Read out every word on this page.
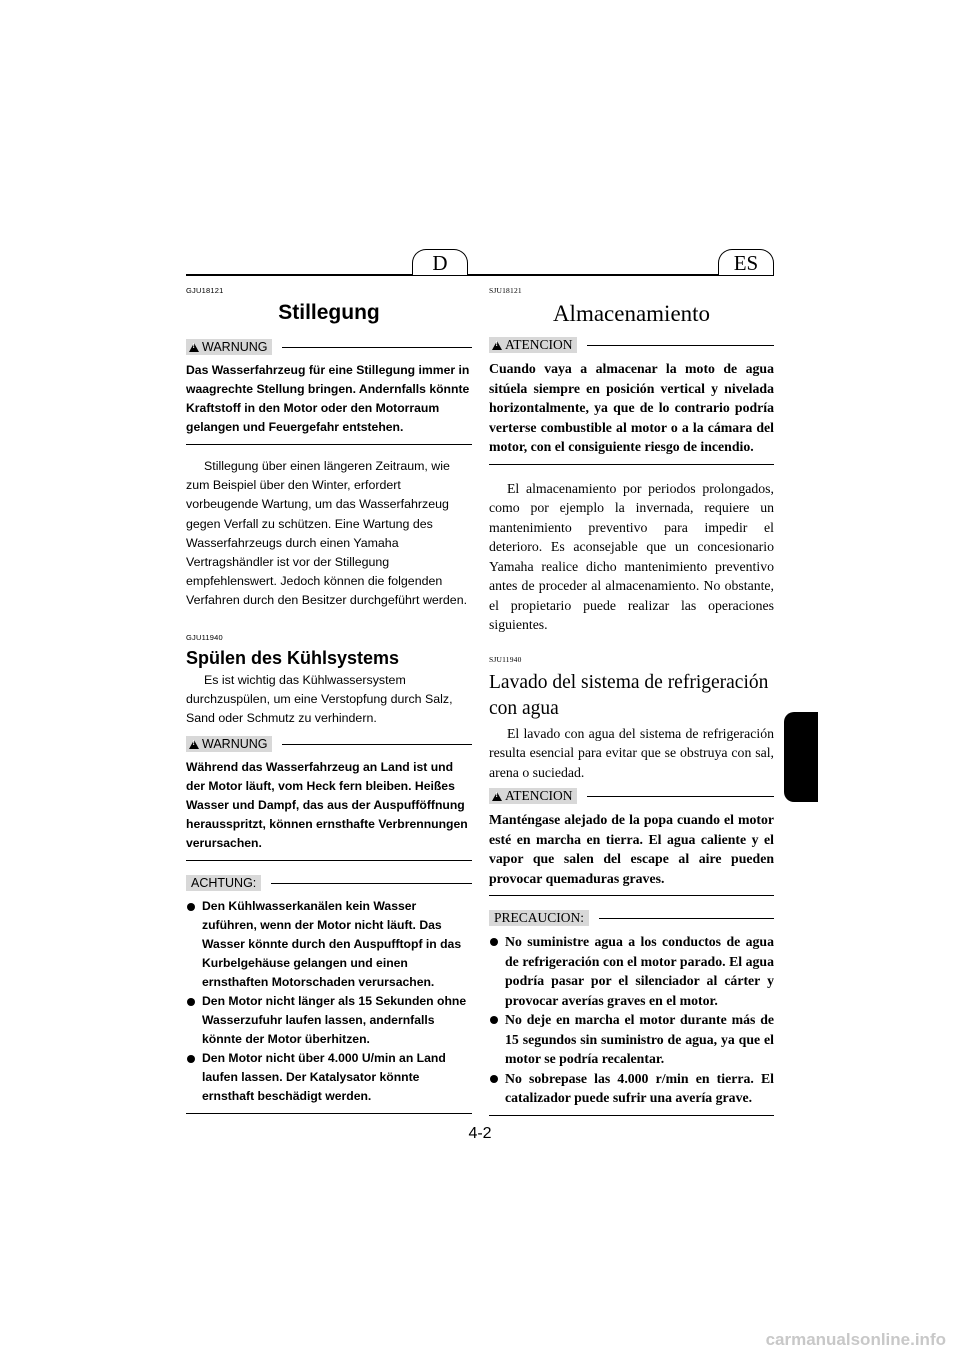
D	ES

GJU18121

Stillegung
!
WARNUNG

Das Wasserfahrzeug für eine Stillegung immer in waagrechte Stellung bringen. Andernfalls könnte Kraftstoff in den Motor oder den Motorraum gelangen und Feuergefahr entstehen.

Stillegung über einen längeren Zeitraum, wie zum Beispiel über den Winter, erfordert vorbeugende Wartung, um das Wasserfahrzeug gegen Verfall zu schützen. Eine Wartung des Wasserfahrzeugs durch einen Yamaha Vertragshändler ist vor der Stillegung empfehlenswert. Jedoch können die folgenden Verfahren durch den Besitzer durchgeführt werden.

GJU11940

Spülen des Kühlsystems

Es ist wichtig das Kühlwassersystem durchzuspülen, um eine Verstopfung durch Salz, Sand oder Schmutz zu verhindern.

!
WARNUNG

Während das Wasserfahrzeug an Land ist und der Motor läuft, vom Heck fern bleiben. Heißes Wasser und Dampf, das aus der Auspufföffnung herausspritzt, können ernsthafte Verbrennungen verursachen.

ACHTUNG:
Den Kühlwasserkanälen kein Wasser zuführen, wenn der Motor nicht läuft. Das Wasser könnte durch den Auspufftopf in das Kurbelgehäuse gelangen und einen ernsthaften Motorschaden verursachen.
Den Motor nicht länger als 15 Sekunden ohne Wasserzufuhr laufen lassen, andernfalls könnte der Motor überhitzen.
Den Motor nicht über 4.000 U/min an Land laufen lassen. Der Katalysator könnte ernsthaft beschädigt werden.

SJU18121

Almacenamiento
!
ATENCION

Cuando vaya a almacenar la moto de agua sitúela siempre en posición vertical y nivelada horizontalmente, ya que de lo contrario podría verterse combustible al motor o a la cámara del motor, con el consiguiente riesgo de incendio.

El almacenamiento por periodos prolongados, como por ejemplo la invernada, requiere un mantenimiento preventivo para impedir el deterioro. Es aconsejable que un concesionario Yamaha realice dicho mantenimiento preventivo antes de proceder al almacenamiento. No obstante, el propietario puede realizar las operaciones siguientes.

SJU11940

Lavado del sistema de refrigeración con agua

El lavado con agua del sistema de refrigeración resulta esencial para evitar que se obstruya con sal, arena o suciedad.

!
ATENCION

Manténgase alejado de la popa cuando el motor esté en marcha en tierra. El agua caliente y el vapor que salen del escape al aire pueden provocar quemaduras graves.

PRECAUCION:
No suministre agua a los conductos de agua de refrigeración con el motor parado. El agua podría pasar por el silenciador al cárter y provocar averías graves en el motor.
No deje en marcha el motor durante más de 15 segundos sin suministro de agua, ya que el motor se podría recalentar.
No sobrepase las 4.000 r/min en tierra. El catalizador puede sufrir una avería grave.
4-2
carmanualsonline.info
